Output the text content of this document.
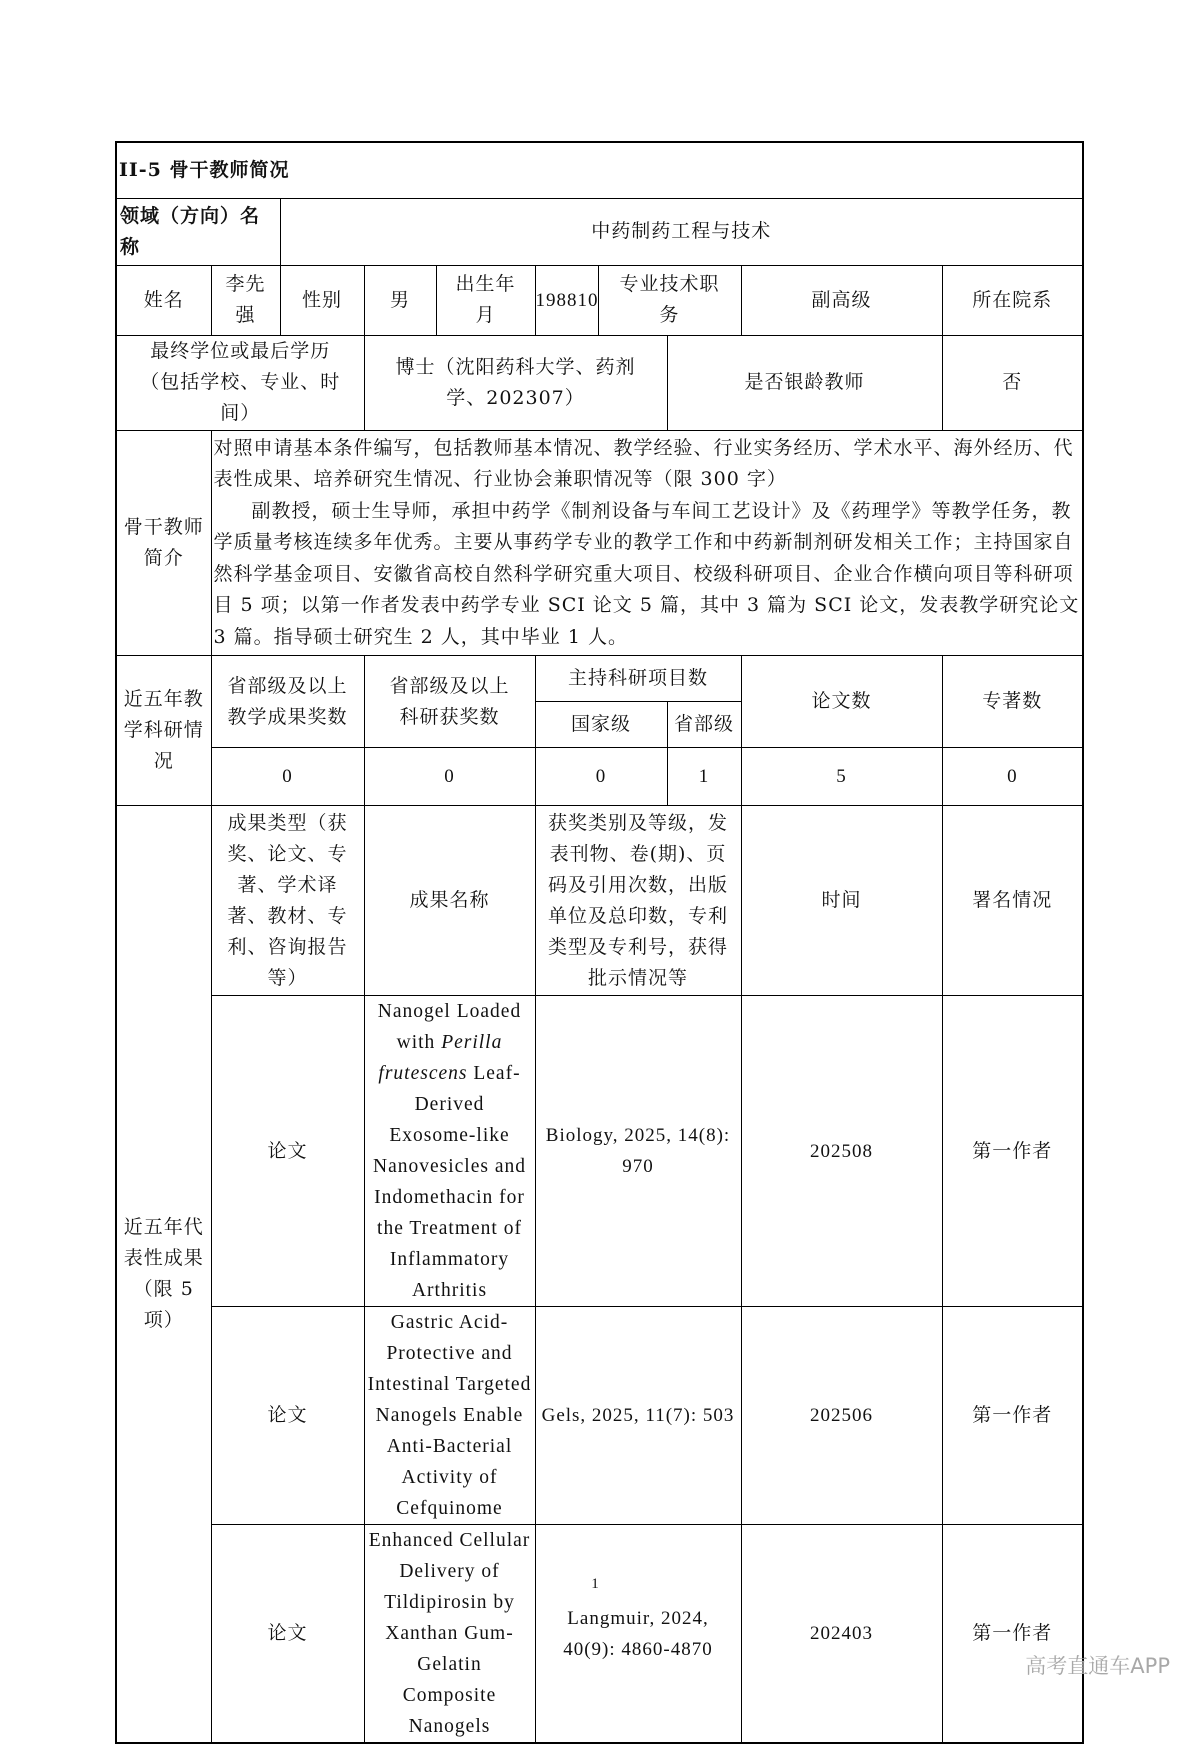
II-5 骨干教师简况									
领域（方向）名称		中药制药工程与技术							
姓名	李先强	性别	男	出生年月	198810	专业技术职务		副高级	所在院系
最终学位或最后学历（包括学校、专业、时间）			博士（沈阳药科大学、药剂学、202307）				是否银龄教师		否
骨干教师简介	对照申请基本条件编写，包括教师基本情况、教学经验、行业实务经历、学术水平、海外经历、代表性成果、培养研究生情况、行业协会兼职情况等（限 300 字）

副教授，硕士生导师，承担中药学《制剂设备与车间工艺设计》及《药理学》等教学任务，教学质量考核连续多年优秀。主要从事药学专业的教学工作和中药新制剂研发相关工作；主持国家自然科学基金项目、安徽省高校自然科学研究重大项目、校级科研项目、企业合作横向项目等科研项目 5 项；以第一作者发表中药学专业 SCI 论文 5 篇，其中 3 篇为 SCI 论文，发表教学研究论文 3 篇。指导硕士研究生 2 人，其中毕业 1 人。								

近五年教学科研情况	省部级及以上教学成果奖数		省部级及以上科研获奖数		主持科研项目数			论文数	专著数
					国家级		省部级		
	0		0		0		1	5	0
近五年代表性成果（限 5 项）	成果类型（获奖、论文、专著、学术译著、教材、专利、咨询报告等）		成果名称		获奖类别及等级，发表刊物、卷(期)、页码及引用次数，出版单位及总印数，专利类型及专利号，获得批示情况等			时间	署名情况
	论文		Nanogel Loaded with Perilla frutescens Leaf-Derived Exosome-like Nanovesicles and Indomethacin for the Treatment of Inflammatory Arthritis		Biology, 2025, 14(8): 970			202508	第一作者
	论文		Gastric Acid-Protective and Intestinal Targeted Nanogels Enable Anti-Bacterial Activity of Cefquinome		Gels, 2025, 11(7): 503			202506	第一作者
	论文		Enhanced Cellular Delivery of Tildipirosin by Xanthan Gum-Gelatin Composite Nanogels		Langmuir, 2024, 40(9): 4860-4870			202403	第一作者
1
高考直通车APP
